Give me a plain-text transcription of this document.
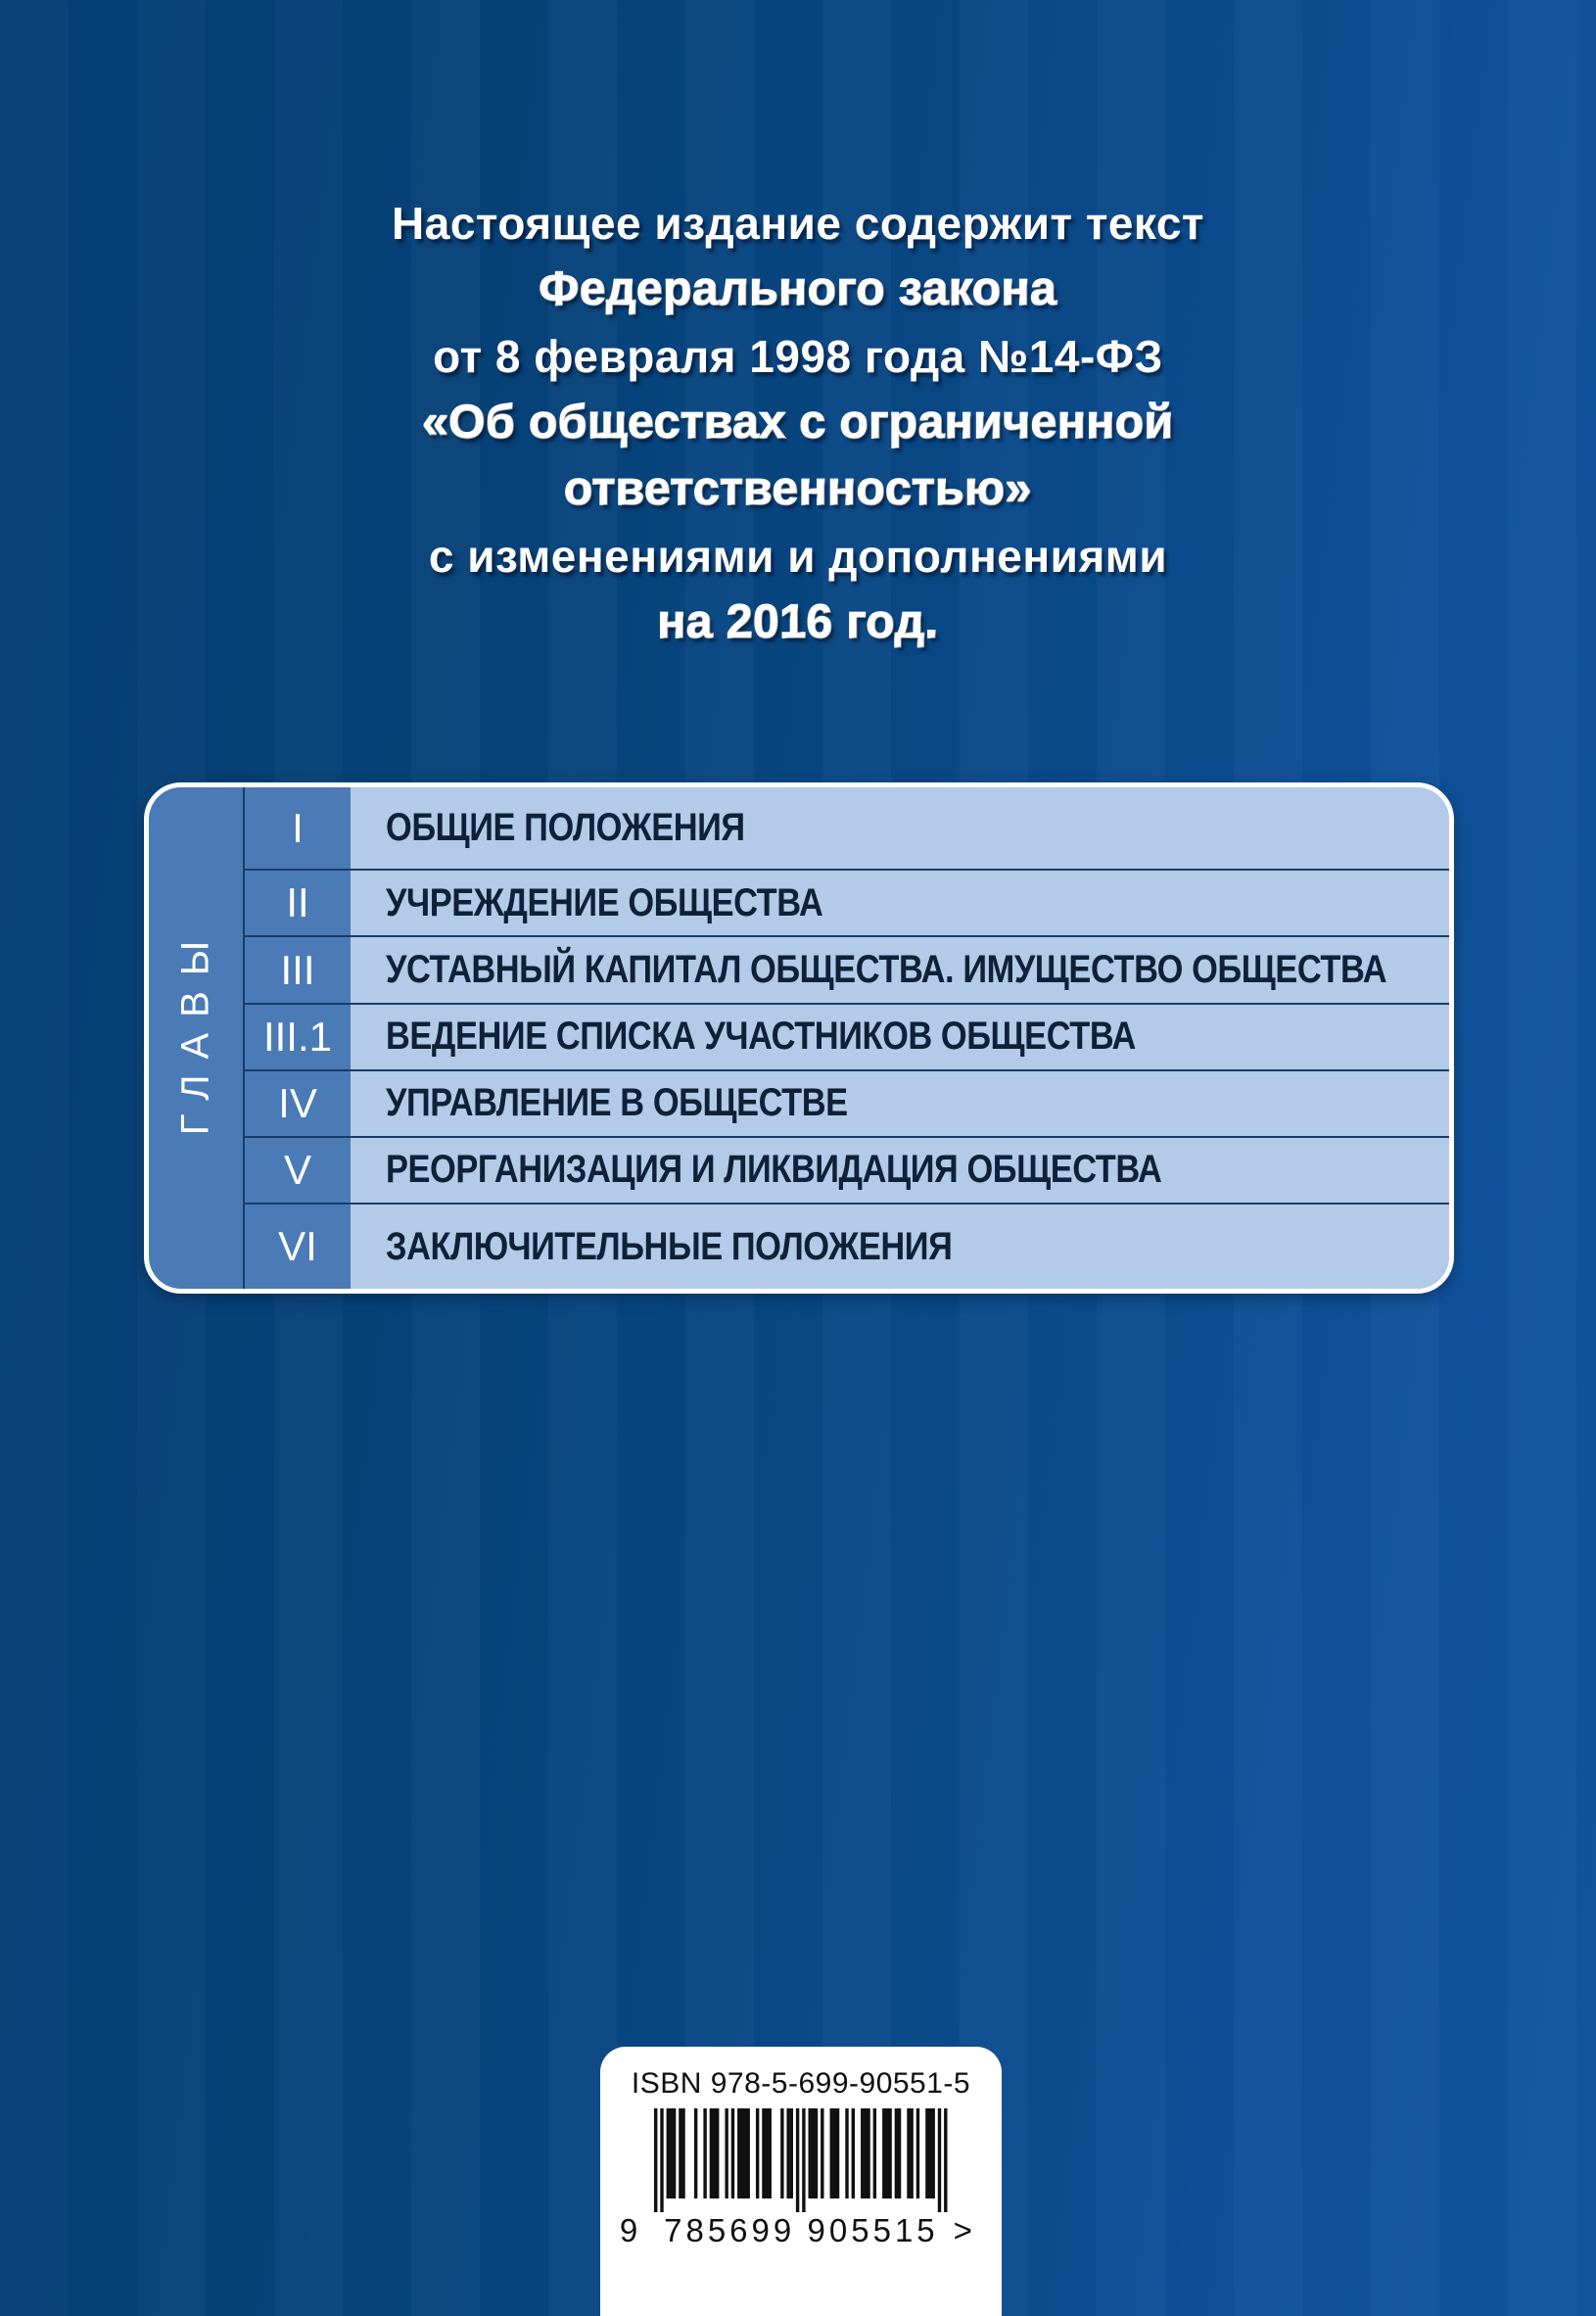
Настоящее издание содержит текст
Федерального закона
от 8 февраля 1998 года №14-ФЗ
«Об обществах с ограниченной
ответственностью»
с изменениями и дополнениями
на 2016 год.
ГЛАВЫ
I	ОБЩИЕ ПОЛОЖЕНИЯ
II	УЧРЕЖДЕНИЕ ОБЩЕСТВА
III	УСТАВНЫЙ КАПИТАЛ ОБЩЕСТВА. ИМУЩЕСТВО ОБЩЕСТВА
III.1	ВЕДЕНИЕ СПИСКА УЧАСТНИКОВ ОБЩЕСТВА
IV	УПРАВЛЕНИЕ В ОБЩЕСТВЕ
V	РЕОРГАНИЗАЦИЯ И ЛИКВИДАЦИЯ ОБЩЕСТВА
VI	ЗАКЛЮЧИТЕЛЬНЫЕ ПОЛОЖЕНИЯ
ISBN 978-5-699-90551-5
9 785699 905515 >
